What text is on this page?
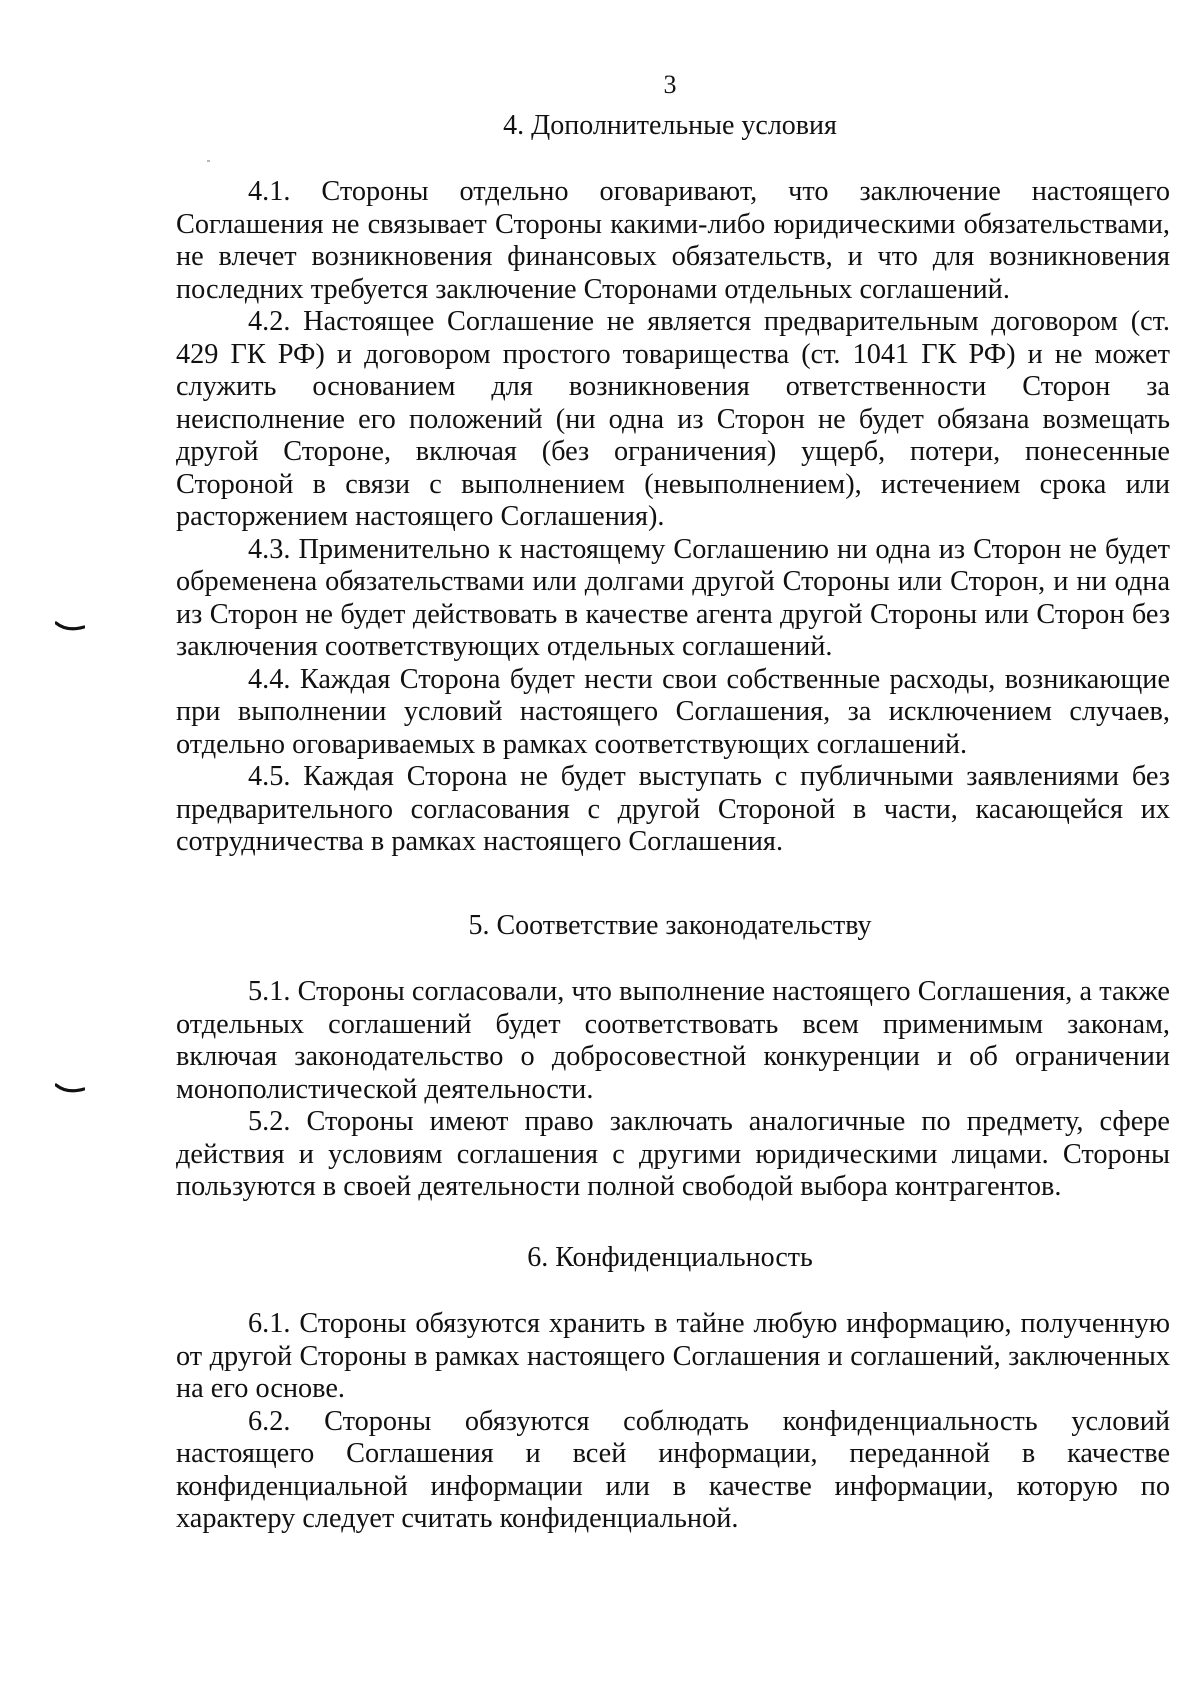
3
4. Дополнительные условия

4.1. Стороны отдельно оговаривают, что заключение настоящего Соглашения не связывает Стороны какими-либо юридическими обязательствами, не влечет возникновения финансовых обязательств, и что для возникновения последних требуется заключение Сторонами отдельных соглашений.

4.2. Настоящее Соглашение не является предварительным договором (ст. 429 ГК РФ) и договором простого товарищества (ст. 1041 ГК РФ) и не может служить основанием для возникновения ответственности Сторон за неисполнение его положений (ни одна из Сторон не будет обязана возмещать другой Стороне, включая (без ограничения) ущерб, потери, понесенные Стороной в связи с выполнением (невыполнением), истечением срока или расторжением настоящего Соглашения).

4.3. Применительно к настоящему Соглашению ни одна из Сторон не будет обременена обязательствами или долгами другой Стороны или Сторон, и ни одна из Сторон не будет действовать в качестве агента другой Стороны или Сторон без заключения соответствующих отдельных соглашений.

4.4. Каждая Сторона будет нести свои собственные расходы, возникающие при выполнении условий настоящего Соглашения, за исключением случаев, отдельно оговариваемых в рамках соответствующих соглашений.

4.5. Каждая Сторона не будет выступать с публичными заявлениями без предварительного согласования с другой Стороной в части, касающейся их сотрудничества в рамках настоящего Соглашения.

5. Соответствие законодательству

5.1. Стороны согласовали, что выполнение настоящего Соглашения, а также отдельных соглашений будет соответствовать всем применимым законам, включая законодательство о добросовестной конкуренции и об ограничении монополистической деятельности.

5.2. Стороны имеют право заключать аналогичные по предмету, сфере действия и условиям соглашения с другими юридическими лицами. Стороны пользуются в своей деятельности полной свободой выбора контрагентов.

6. Конфиденциальность

6.1. Стороны обязуются хранить в тайне любую информацию, полученную от другой Стороны в рамках настоящего Соглашения и соглашений, заключенных на его основе.

6.2. Стороны обязуются соблюдать конфиденциальность условий настоящего Соглашения и всей информации, переданной в качестве конфиденциальной информации или в качестве информации, которую по характеру следует считать конфиденциальной.
